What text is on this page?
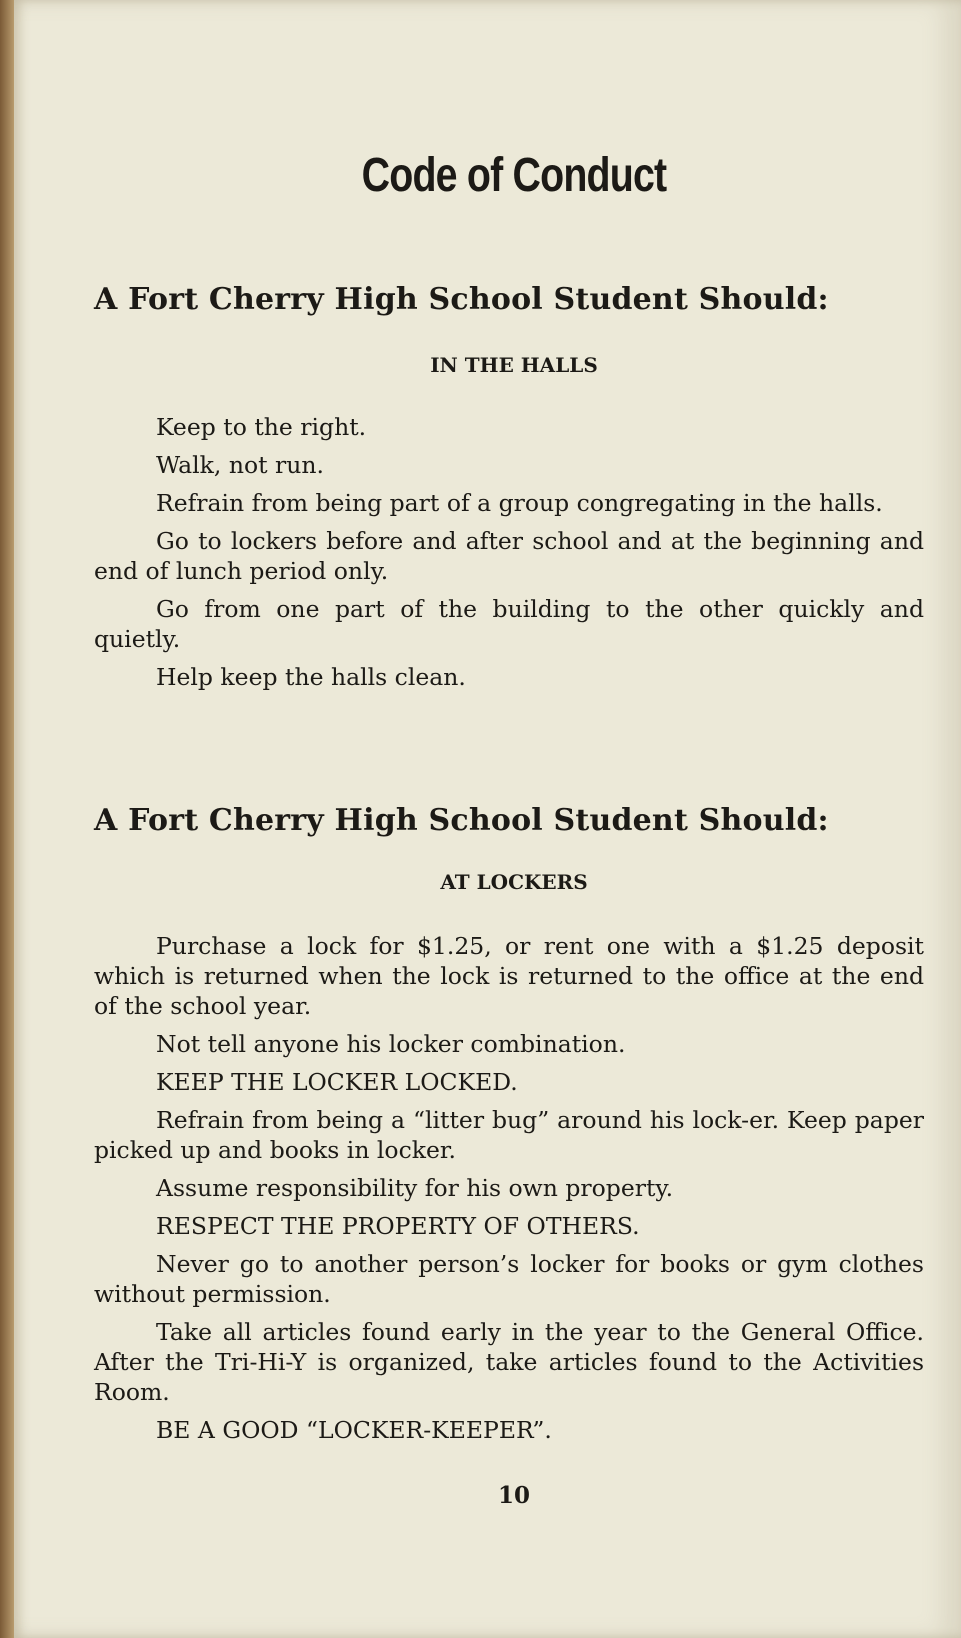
Code of Conduct
A Fort Cherry High School Student Should:
IN THE HALLS
Keep to the right.
Walk, not run.
Refrain from being part of a group congregating in the halls.
Go to lockers before and after school and at the beginning and end of lunch period only.
Go from one part of the building to the other quickly and quietly.
Help keep the halls clean.
A Fort Cherry High School Student Should:
AT LOCKERS
Purchase a lock for $1.25, or rent one with a $1.25 deposit which is returned when the lock is returned to the office at the end of the school year.
Not tell anyone his locker combination.
KEEP THE LOCKER LOCKED.
Refrain from being a “litter bug” around his lock-er. Keep paper picked up and books in locker.
Assume responsibility for his own property.
RESPECT THE PROPERTY OF OTHERS.
Never go to another person’s locker for books or gym clothes without permission.
Take all articles found early in the year to the General Office. After the Tri-Hi-Y is organized, take articles found to the Activities Room.
BE A GOOD “LOCKER-KEEPER”.
10
